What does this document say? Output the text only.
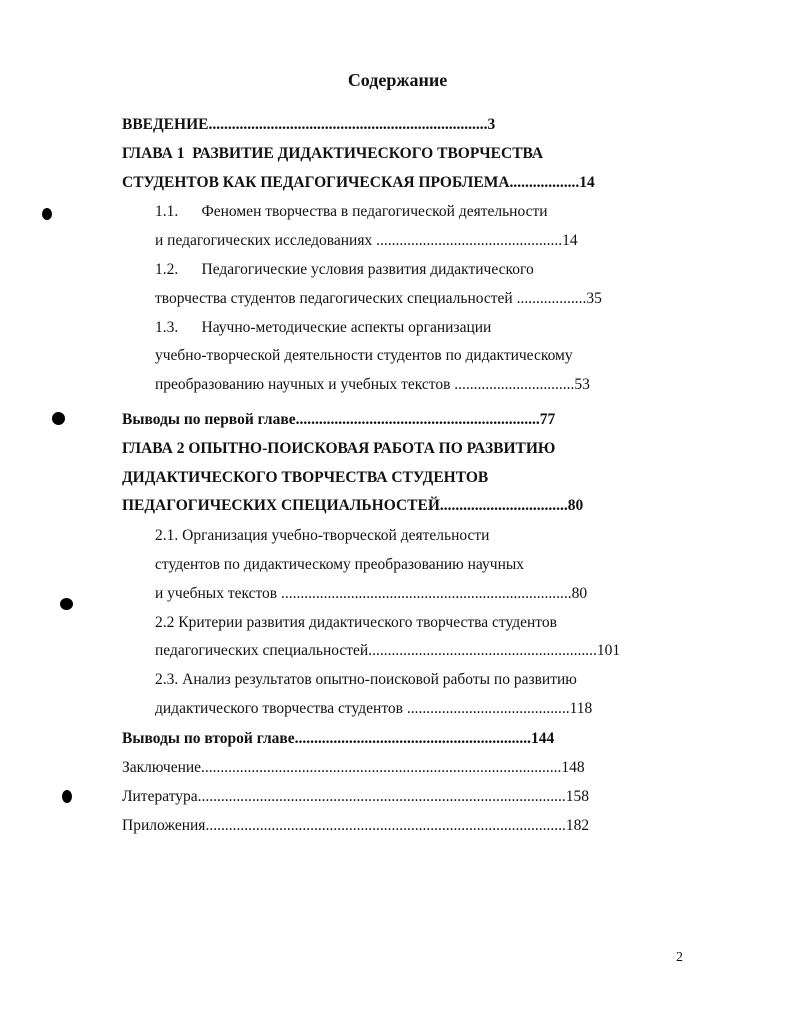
Содержание
ВВЕДЕНИЕ........................................................................3
ГЛАВА 1  РАЗВИТИЕ ДИДАКТИЧЕСКОГО ТВОРЧЕСТВА
СТУДЕНТОВ КАК ПЕДАГОГИЧЕСКАЯ ПРОБЛЕМА..................14
1.1.      Феномен творчества в педагогической деятельности
и педагогических исследованиях ................................................14
1.2.      Педагогические условия развития дидактического
творчества студентов педагогических специальностей ..................35
1.3.      Научно-методические аспекты организации
учебно-творческой деятельности студентов по дидактическому
преобразованию научных и учебных текстов ...............................53
Выводы по первой главе...............................................................77
ГЛАВА 2 ОПЫТНО-ПОИСКОВАЯ РАБОТА ПО РАЗВИТИЮ
ДИДАКТИЧЕСКОГО ТВОРЧЕСТВА СТУДЕНТОВ
ПЕДАГОГИЧЕСКИХ СПЕЦИАЛЬНОСТЕЙ.................................80
2.1. Организация учебно-творческой деятельности
студентов по дидактическому преобразованию научных
и учебных текстов ...........................................................................80
2.2 Критерии развития дидактического творчества студентов
педагогических специальностей...........................................................101
2.3. Анализ результатов опытно-поисковой работы по развитию
дидактического творчества студентов ..........................................118
Выводы по второй главе.............................................................144
Заключение.............................................................................................148
Литература...............................................................................................158
Приложения.............................................................................................182
2
